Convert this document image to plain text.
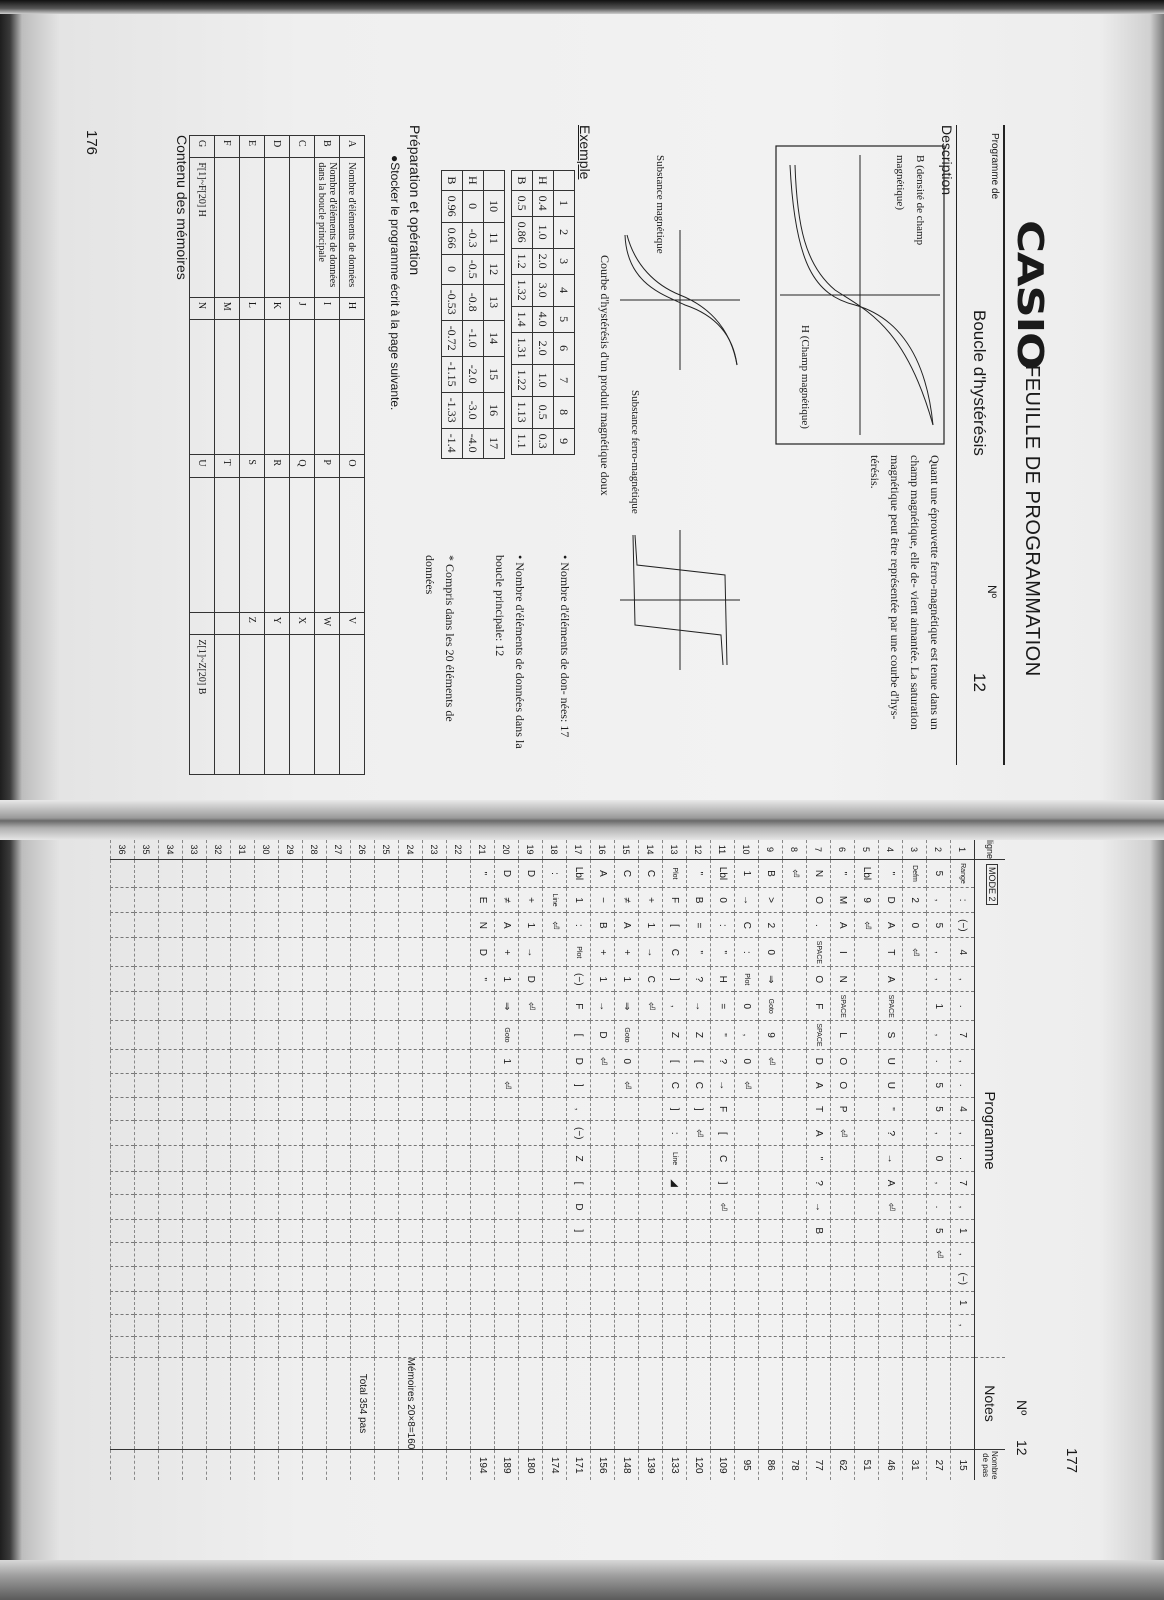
176
177
CASIO
FEUILLE DE PROGRAMMATION
Programme de
Boucle d'hystérésis
Nº
12
Description
Quant une éprouvette ferro-magnétique est tenue dans un champ magnétique, elle de- vient aimantée. La saturation magnétique peut être représentée par une courbe d'hys- térésis.
B (densité de champ magnétique)
H (Champ magnétique)
Substance magnétique
Substance ferro-magnétique
Exemple
Courbe d'hystérésis d'un produit magnétique doux
	1	2	3	4	5	6	7	8	9
H	0.4	1.0	2.0	3.0	4.0	2.0	1.0	0.5	0.3
B	0.5	0.86	1.2	1.32	1.4	1.31	1.22	1.13	1.1
	10	11	12	13	14	15	16	17
H	0	-0.3	-0.5	-0.8	-1.0	-2.0	-3.0	-4.0
B	0.96	0.66	0	-0.53	-0.72	-1.15	-1.33	-1.4
• Nombre d'éléments de don- nées: 17
• Nombre d'éléments de données dans la boucle principale: 12
* Compris dans les 20 éléments de données
Préparation et opération
●Stocker le programme écrit à la page suivante.
Contenu des mémoires	A	Nombre d'éléments de données	H		O		V	
B	Nombre d'éléments de données dans la boucle principale	I		P		W	
C		J		Q		X	
D		K		R		Y	
E		L		S		Z	
F		M		T			
G	F[1]~F[20] H	N		U			Z[1]~Z[20] B
Nº
12
ligne	MODE 2
Programme																				Notes	Nombre de pas
1	Range	:	(−)	4	,	.	7	,	.	4	,	.	7	,	1	,	(−)	1	,			15
2	5	,	5	,	,	1	,	.	5	5	,	0	,	.	5	⏎						27
3	Defm	2	0	⏎																		31
4	"	D	A	T	A	SPACE	S	U	U	"	?	→	A	⏎								46
5	Lbl	9	⏎																			51
6	"	M	A	I	N	SPACE	L	O	O	P	⏎											62
7	N	O	.	SPACE	O	F	SPACE	D	A	T	A	"	?	→	B							77
8	⏎																					78
9	B	>	2	0	⇒	Goto	9	⏎														86
10	1	→	C	:	Plot	0	,	0	⏎													95
11	Lbl	0	:	"	H	=	"	?	→	F	[	C	]	⏎								109
12	"	B	=	"	?	→	Z	[	C	]	⏎											120
13	Plot	F	[	C	]	,	Z	[	C	]	:	Line	◢									133
14	C	+	1	→	C	⏎																139
15	C	≠	A	+	1	⇒	Goto	0	⏎													148
16	A	−	B	+	1	→	D	⏎														156
17	Lbl	1	:	Plot	(−)	F	[	D	]	,	(−)	Z	[	D	]							171
18	:	Line	⏎																			174
19	D	+	1	→	D	⏎																180
20	D	≠	A	+	1	⇒	Goto	1	⏎													189
21	"	E	N	D	"																	194
22																						
23																						
24																					Mémoires 20×8=160	
25																						
26																					Total 354 pas	
27																						
28																						
29																						
30																						
31																						
32																						
33																						
34																						
35																						
36																						
